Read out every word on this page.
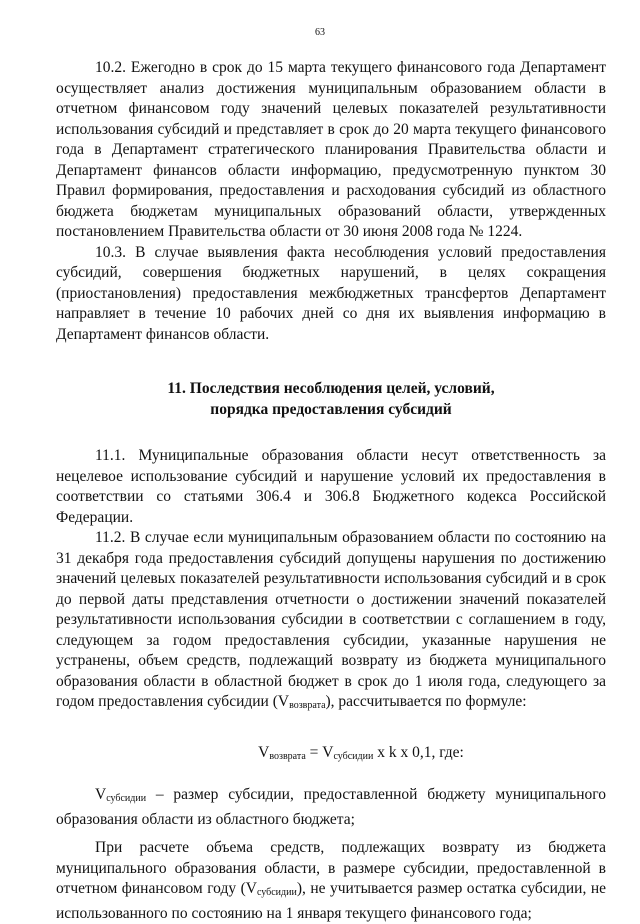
63

10.2. Ежегодно в срок до 15 марта текущего финансового года Департамент осуществляет анализ достижения муниципальным образованием области в отчетном финансовом году значений целевых показателей результативности использования субсидий и представляет в срок до 20 марта текущего финансового года в Департамент стратегического планирования Правительства области и Департамент финансов области информацию, предусмотренную пунктом 30 Правил формирования, предоставления и расходования субсидий из областного бюджета бюджетам муниципальных образований области, утвержденных постановлением Правительства области от 30 июня 2008 года № 1224.

10.3. В случае выявления факта несоблюдения условий предоставления субсидий, совершения бюджетных нарушений, в целях сокращения (приостановления) предоставления межбюджетных трансфертов Департамент направляет в течение 10 рабочих дней со дня их выявления информацию в Департамент финансов области.

11. Последствия несоблюдения целей, условий,
порядка предоставления субсидий

11.1. Муниципальные образования области несут ответственность за нецелевое использование субсидий и нарушение условий их предоставления в соответствии со статьями 306.4 и 306.8 Бюджетного кодекса Российской Федерации.

11.2. В случае если муниципальным образованием области по состоянию на 31 декабря года предоставления субсидий допущены нарушения по достижению значений целевых показателей результативности использования субсидий и в срок до первой даты представления отчетности о достижении значений показателей результативности использования субсидии в соответствии с соглашением в году, следующем за годом предоставления субсидии, указанные нарушения не устранены, объем средств, подлежащий возврату из бюджета муниципального образования области в областной бюджет в срок до 1 июля года, следующего за годом предоставления субсидии $(V_{возврата})$, рассчитывается по формуле:

$V_{возврата} = V_{субсидии}$ x k x 0,1, где:

$V_{субсидии}$ – размер субсидии, предоставленной бюджету муниципального образования области из областного бюджета;

При расчете объема средств, подлежащих возврату из бюджета муниципального образования области, в размере субсидии, предоставленной в отчетном финансовом году $(V_{субсидии})$, не учитывается размер остатка субсидии, не использованного по состоянию на 1 января текущего финансового года;
